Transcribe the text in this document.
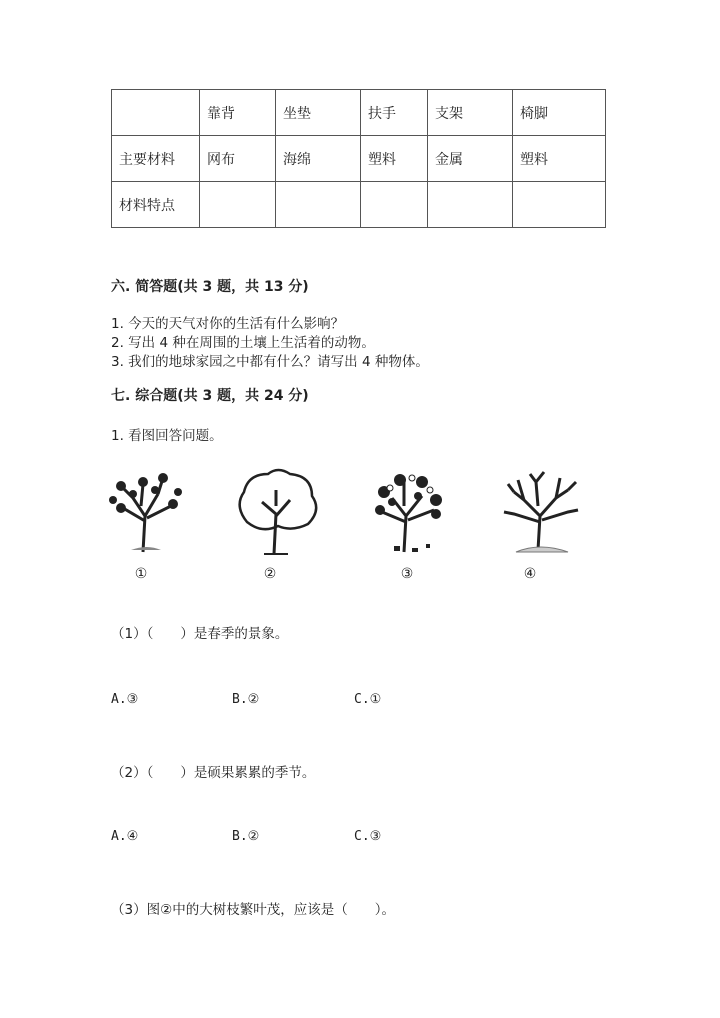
	靠背	坐垫	扶手	支架	椅脚
主要材料	网布	海绵	塑料	金属	塑料
材料特点					
六. 简答题(共 3 题，共 13 分)
1. 今天的天气对你的生活有什么影响？
2. 写出 4 种在周围的土壤上生活着的动物。
3. 我们的地球家园之中都有什么？请写出 4 种物体。
七. 综合题(共 3 题，共 24 分)
1. 看图回答问题。
①	②	③	④
（1）（　　）是春季的景象。
A.③	B.②	C.①
（2）（　　）是硕果累累的季节。
A.④	B.②	C.③
（3）图②中的大树枝繁叶茂，应该是（　　）。
